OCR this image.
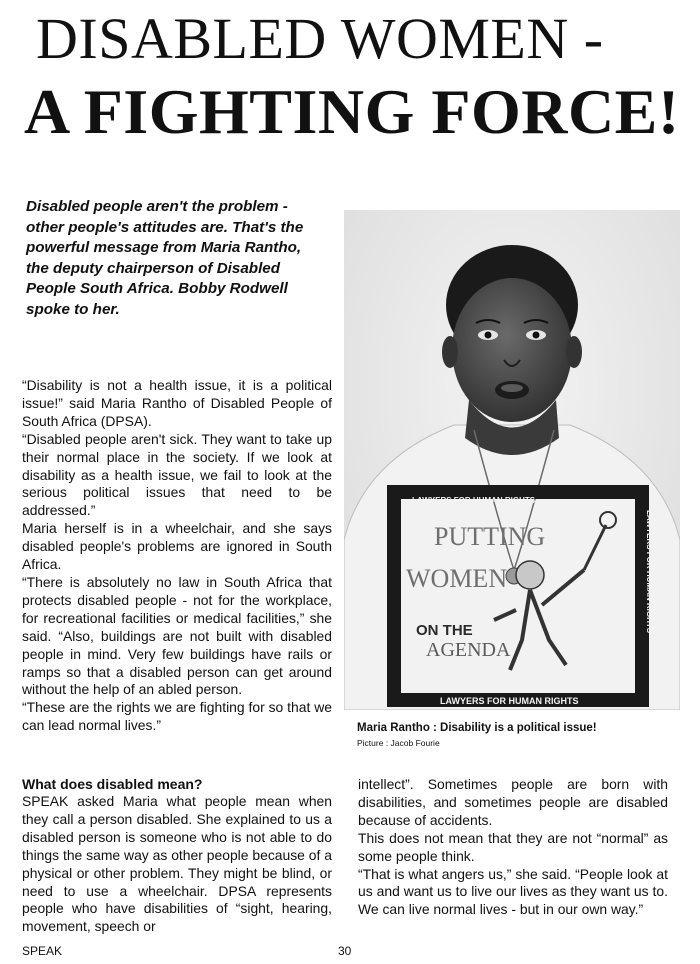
DISABLED WOMEN -
A FIGHTING FORCE!
Disabled people aren't the problem - other people's attitudes are. That's the powerful message from Maria Rantho, the deputy chairperson of Disabled People South Africa. Bobby Rodwell spoke to her.

“Disability is not a health issue, it is a political issue!” said Maria Rantho of Disabled People of South Africa (DPSA).

“Disabled people aren't sick. They want to take up their normal place in the society. If we look at disability as a health issue, we fail to look at the serious political issues that need to be addressed.”

Maria herself is in a wheelchair, and she says disabled people's problems are ignored in South Africa.

“There is absolutely no law in South Africa that protects disabled people - not for the workplace, for recreational facilities or medical facilities,” she said. “Also, buildings are not built with disabled people in mind. Very few buildings have rails or ramps so that a disabled person can get around without the help of an abled person.

“These are the rights we are fighting for so that we can lead normal lives.”

LAWYERS FOR HUMAN RIGHTS
LAWYERS FOR HUMAN RIGHTS
LAWYERS FOR HUMAN RIGHTS
PUTTING
WOMEN
ON THE
AGENDA
Maria Rantho : Disability is a political issue!
Picture : Jacob Fourie

What does disabled mean?

SPEAK asked Maria what people mean when they call a person disabled. She explained to us a disabled person is someone who is not able to do things the same way as other people because of a physical or other problem. They might be blind, or need to use a wheelchair. DPSA represents people who have disabilities of “sight, hearing, movement, speech or

intellect”. Sometimes people are born with disabilities, and sometimes people are disabled because of accidents.

This does not mean that they are not “normal” as some people think.

“That is what angers us,” she said. “People look at us and want us to live our lives as they want us to. We can live normal lives - but in our own way.”

SPEAK	30
